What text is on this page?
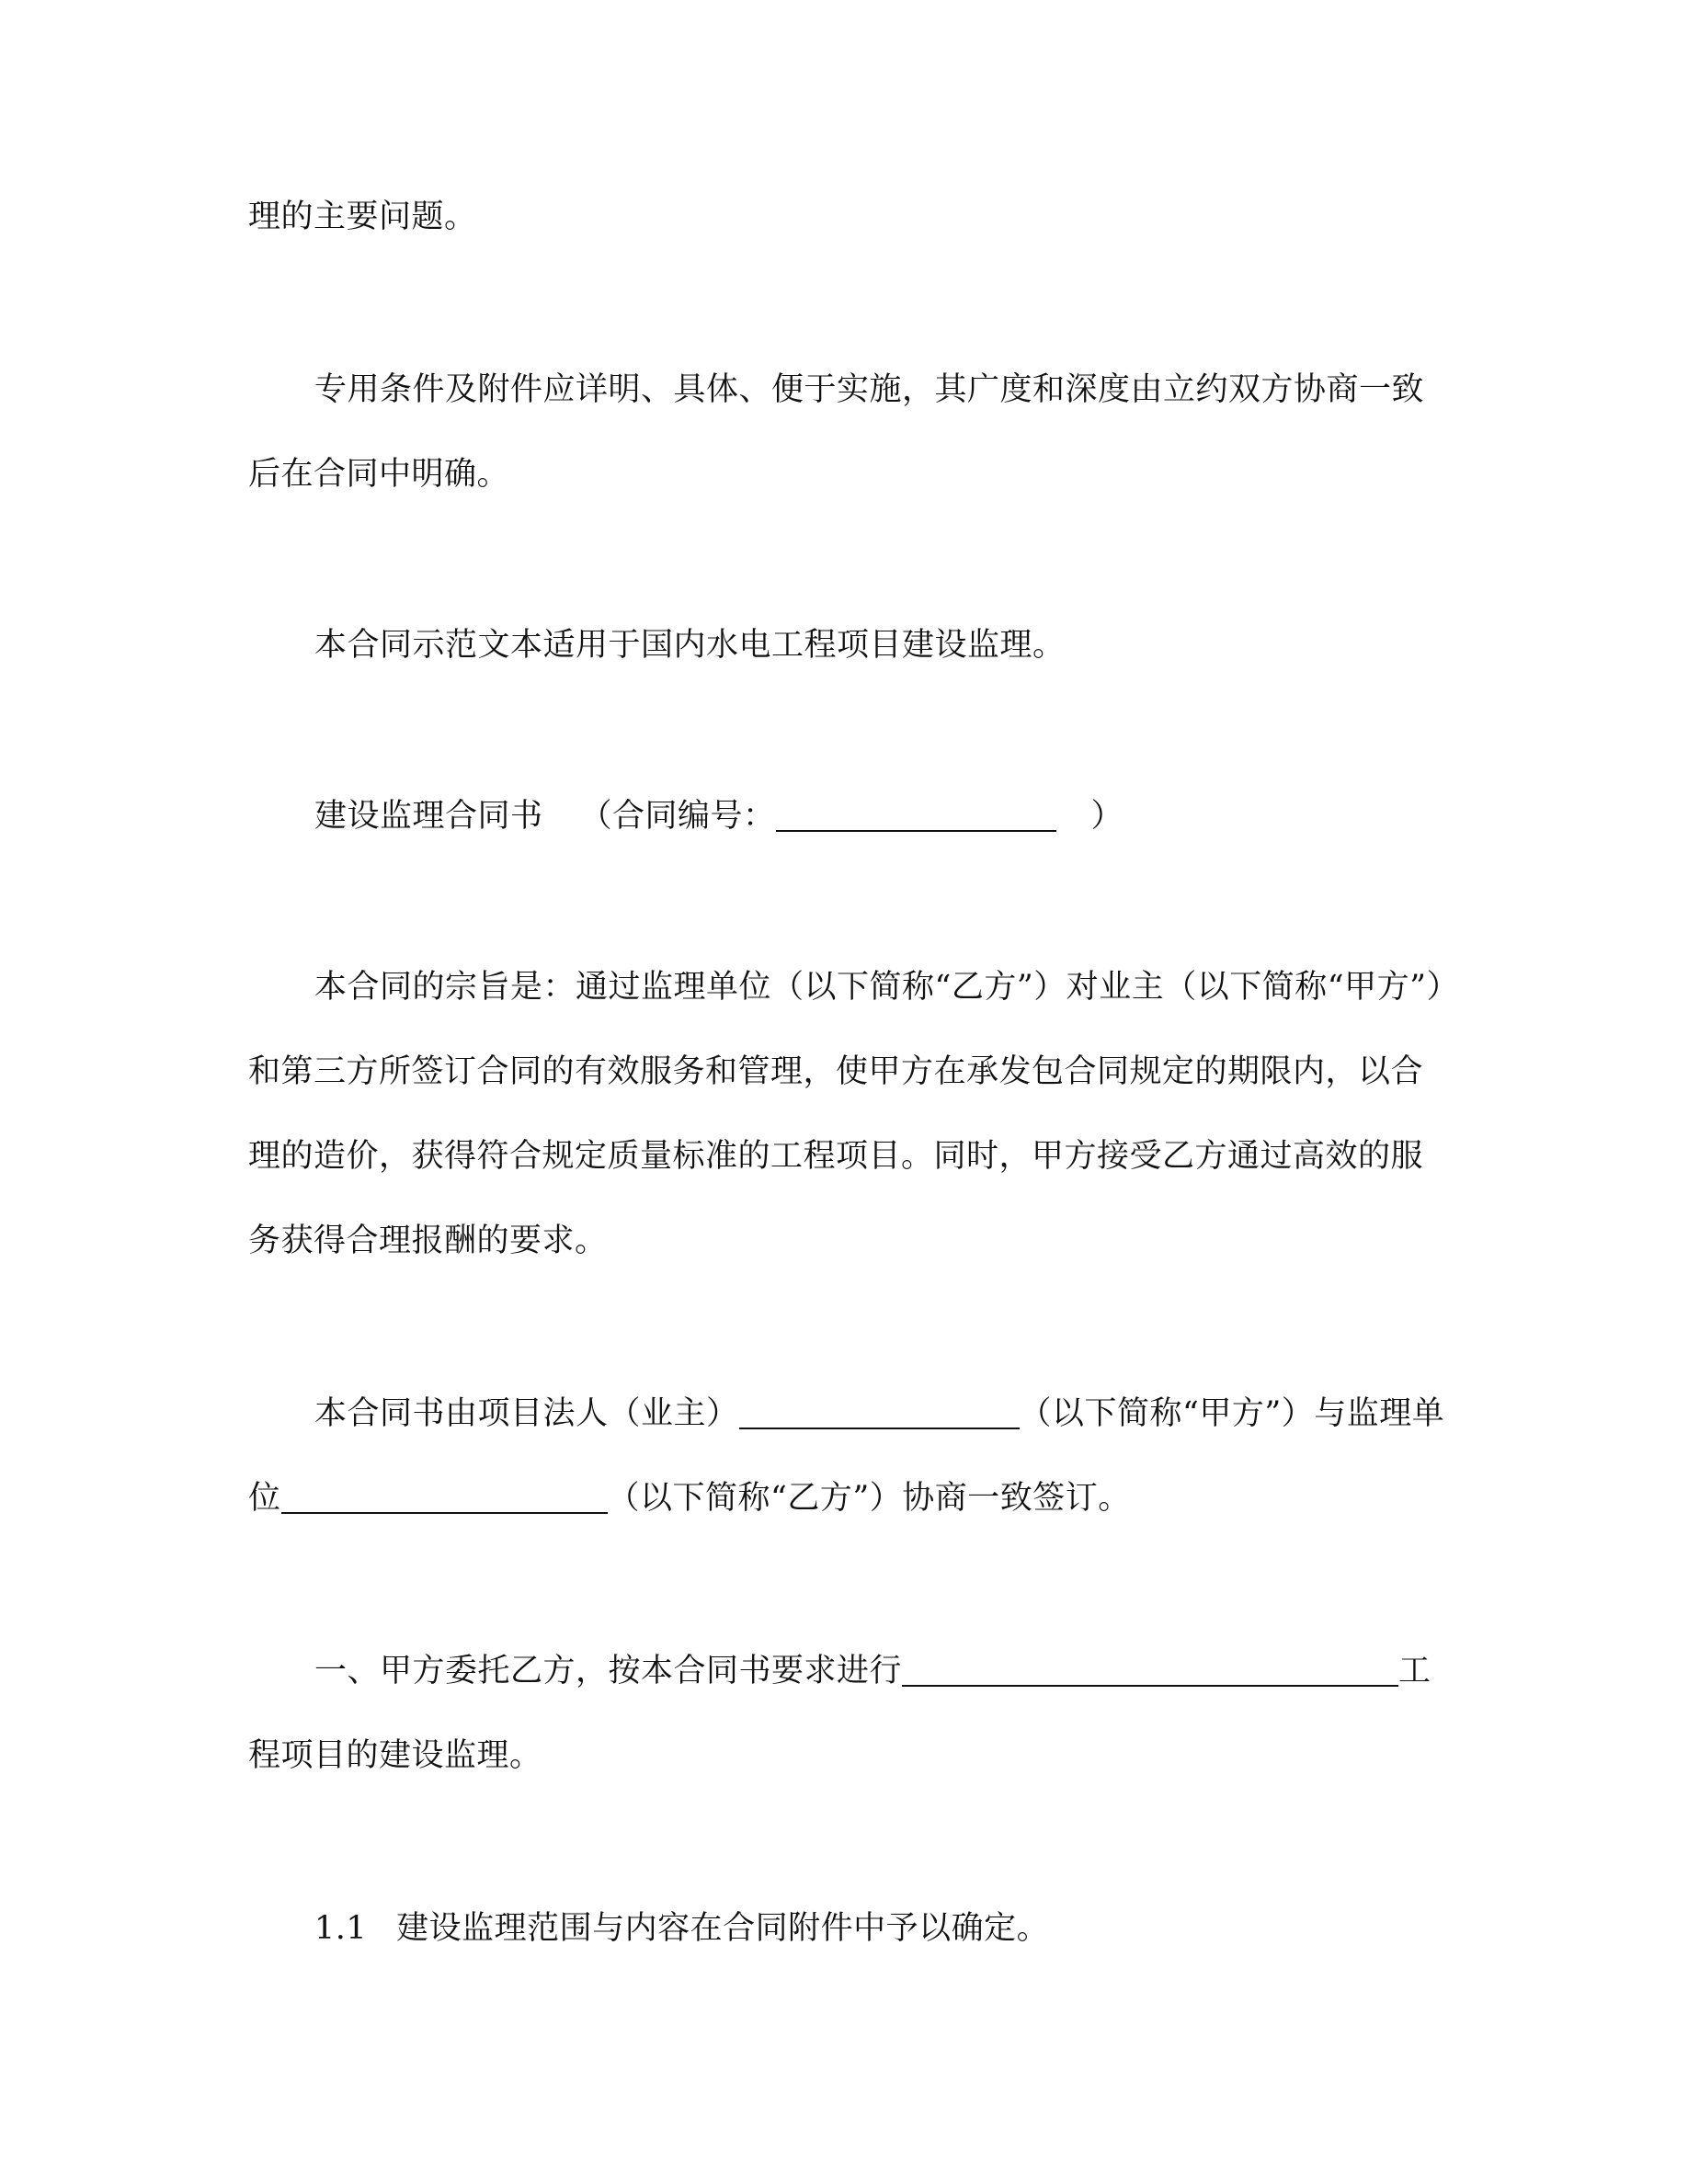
理的主要问题。
专用条件及附件应详明、具体、便于实施，其广度和深度由立约双方协商一致
后在合同中明确。
本合同示范文本适用于国内水电工程项目建设监理。
建设监理合同书 （合同编号：	）
本合同的宗旨是：通过监理单位（以下简称“乙方”）对业主（以下简称“甲方”）
和第三方所签订合同的有效服务和管理，使甲方在承发包合同规定的期限内，以合
理的造价，获得符合规定质量标准的工程项目。同时，甲方接受乙方通过高效的服
务获得合理报酬的要求。
本合同书由项目法人（业主）	（以下简称“甲方”）与监理单
位	（以下简称“乙方”）协商一致签订。
一、甲方委托乙方，按本合同书要求进行	工
程项目的建设监理。
1.1 建设监理范围与内容在合同附件中予以确定。
